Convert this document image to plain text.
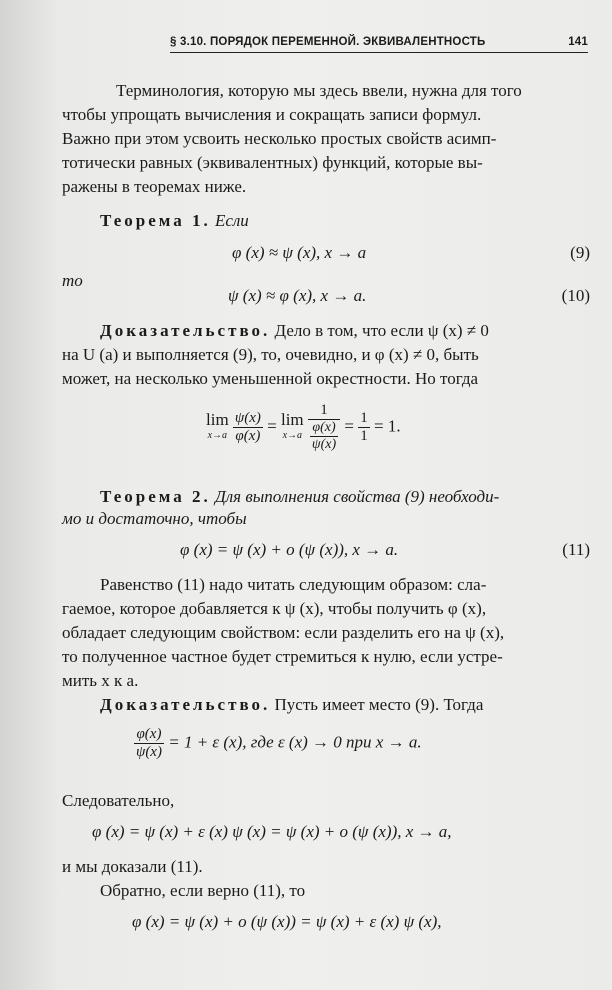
§ 3.10. ПОРЯДОК ПЕРЕМЕННОЙ. ЭКВИВАЛЕНТНОСТЬ	141
Терминология, которую мы здесь ввели, нужна для того
чтобы упрощать вычисления и сокращать записи формул.
Важно при этом усвоить несколько простых свойств асимп-
тотически равных (эквивалентных) функций, которые вы-
ражены в теоремах ниже.
Теорема 1. Если
φ (x) ≈ ψ (x), x → a	(9)
то
ψ (x) ≈ φ (x), x → a.	(10)
Доказательство. Дело в том, что если ψ (x) ≠ 0
на U (a) и выполняется (9), то, очевидно, и φ (x) ≠ 0, быть
может, на несколько уменьшенной окрестности. Но тогда
lim
x→a
$\frac{\psi(x)}{\varphi(x)} = \lim$
x→a
$\frac{1}{\frac{\varphi(x)}{\psi(x)}} = \frac{1}{1} = 1$.
Теорема 2. Для выполнения свойства (9) необходи-
мо и достаточно, чтобы
φ (x) = ψ (x) + o (ψ (x)), x → a.	(11)
Равенство (11) надо читать следующим образом: сла-
гаемое, которое добавляется к ψ (x), чтобы получить φ (x),
обладает следующим свойством: если разделить его на ψ (x),
то полученное частное будет стремиться к нулю, если устре-
мить x к a.
Доказательство. Пусть имеет место (9). Тогда
$\frac{\varphi(x)}{\psi(x)} = 1 + \varepsilon$ (x), где ε (x) → 0 при x → a.
Следовательно,
φ (x) = ψ (x) + ε (x) ψ (x) = ψ (x) + o (ψ (x)), x → a,
и мы доказали (11).
Обратно, если верно (11), то
φ (x) = ψ (x) + o (ψ (x)) = ψ (x) + ε (x) ψ (x),
